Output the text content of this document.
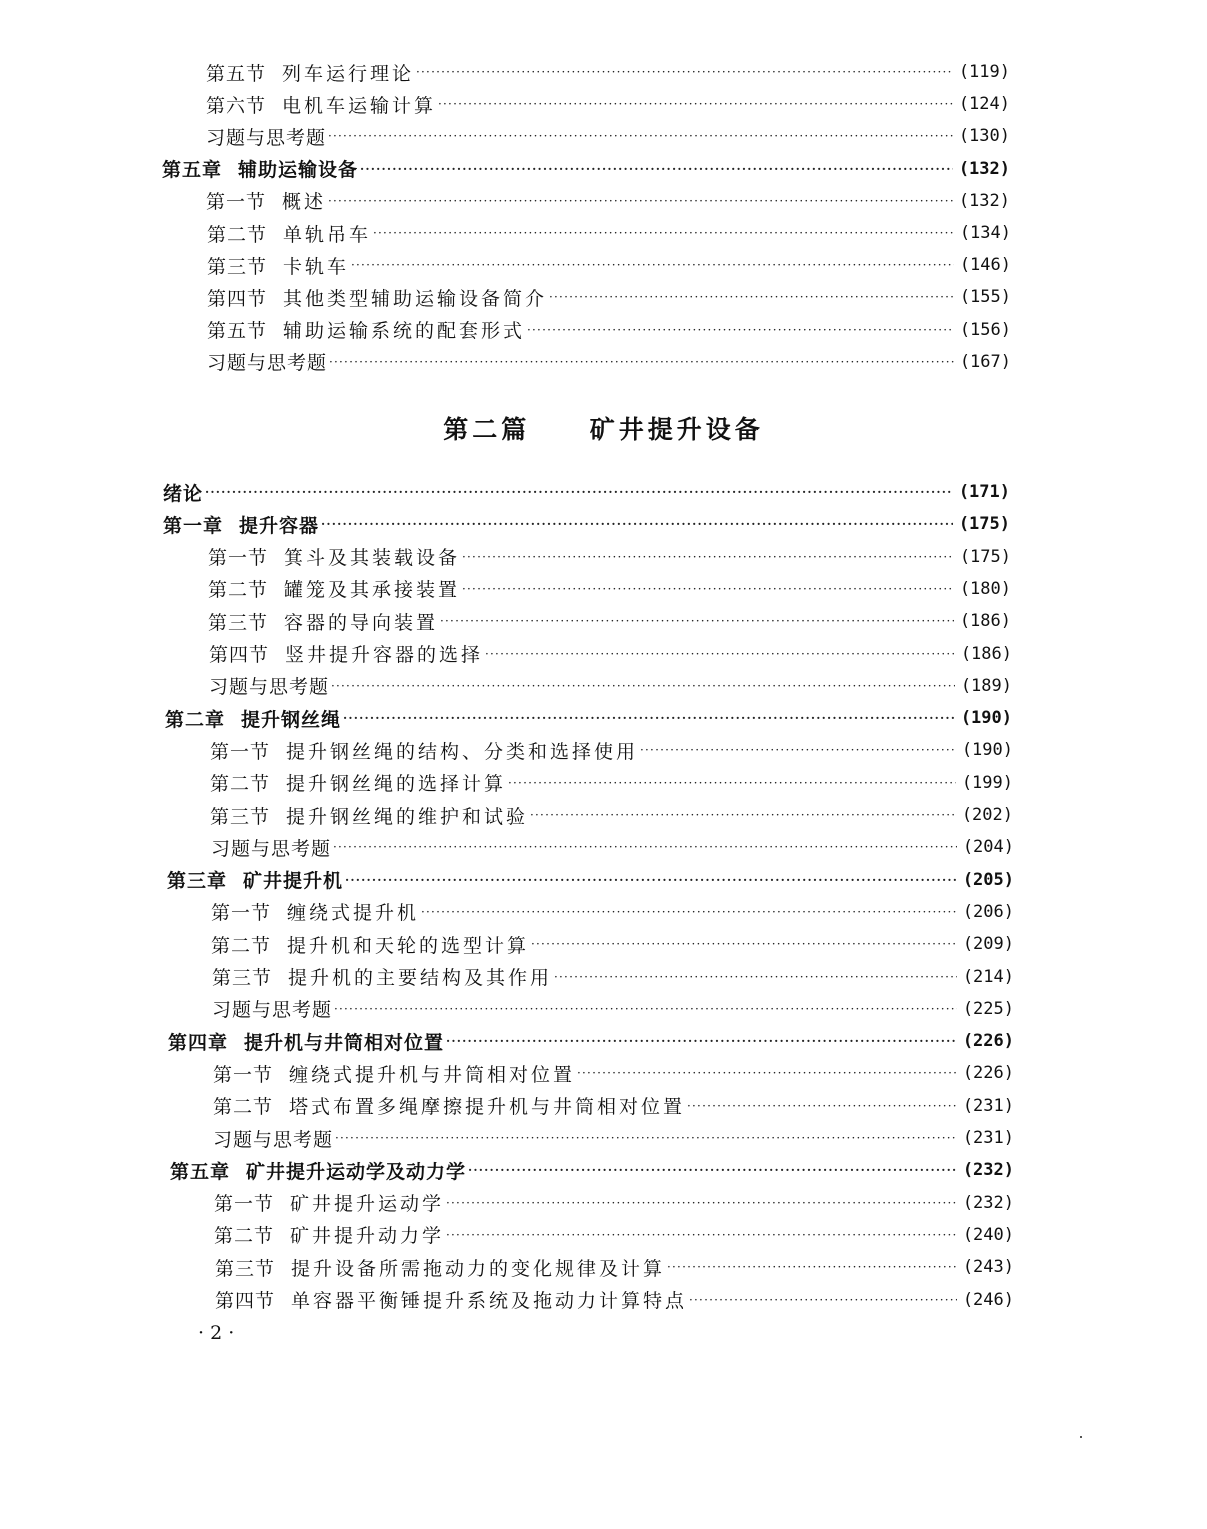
第五节 列车运行理论 ·····	(119)
第六节 电机车运输计算 ·····	(124)
习题与思考题 ·····	(130)
第五章 辅助运输设备 ·····	(132)
第一节 概述 ·····	(132)
第二节 单轨吊车 ·····	(134)
第三节 卡轨车 ·····	(146)
第四节 其他类型辅助运输设备简介 ·····	(155)
第五节 辅助运输系统的配套形式 ·····	(156)
习题与思考题 ·····	(167)
第二篇 矿井提升设备
绪论 ·····	(171)
第一章 提升容器 ·····	(175)
第一节 箕斗及其装载设备 ·····	(175)
第二节 罐笼及其承接装置 ·····	(180)
第三节 容器的导向装置 ·····	(186)
第四节 竖井提升容器的选择 ·····	(186)
习题与思考题 ·····	(189)
第二章 提升钢丝绳 ·····	(190)
第一节 提升钢丝绳的结构、分类和选择使用 ·····	(190)
第二节 提升钢丝绳的选择计算 ·····	(199)
第三节 提升钢丝绳的维护和试验 ·····	(202)
习题与思考题 ·····	(204)
第三章 矿井提升机 ·····	(205)
第一节 缠绕式提升机 ·····	(206)
第二节 提升机和天轮的选型计算 ·····	(209)
第三节 提升机的主要结构及其作用 ·····	(214)
习题与思考题 ·····	(225)
第四章 提升机与井筒相对位置 ·····	(226)
第一节 缠绕式提升机与井筒相对位置 ·····	(226)
第二节 塔式布置多绳摩擦提升机与井筒相对位置 ·····	(231)
习题与思考题 ·····	(231)
第五章 矿井提升运动学及动力学 ·····	(232)
第一节 矿井提升运动学 ·····	(232)
第二节 矿井提升动力学 ·····	(240)
第三节 提升设备所需拖动力的变化规律及计算 ·····	(243)
第四节 单容器平衡锤提升系统及拖动力计算特点 ·····	(246)
· 2 ·
